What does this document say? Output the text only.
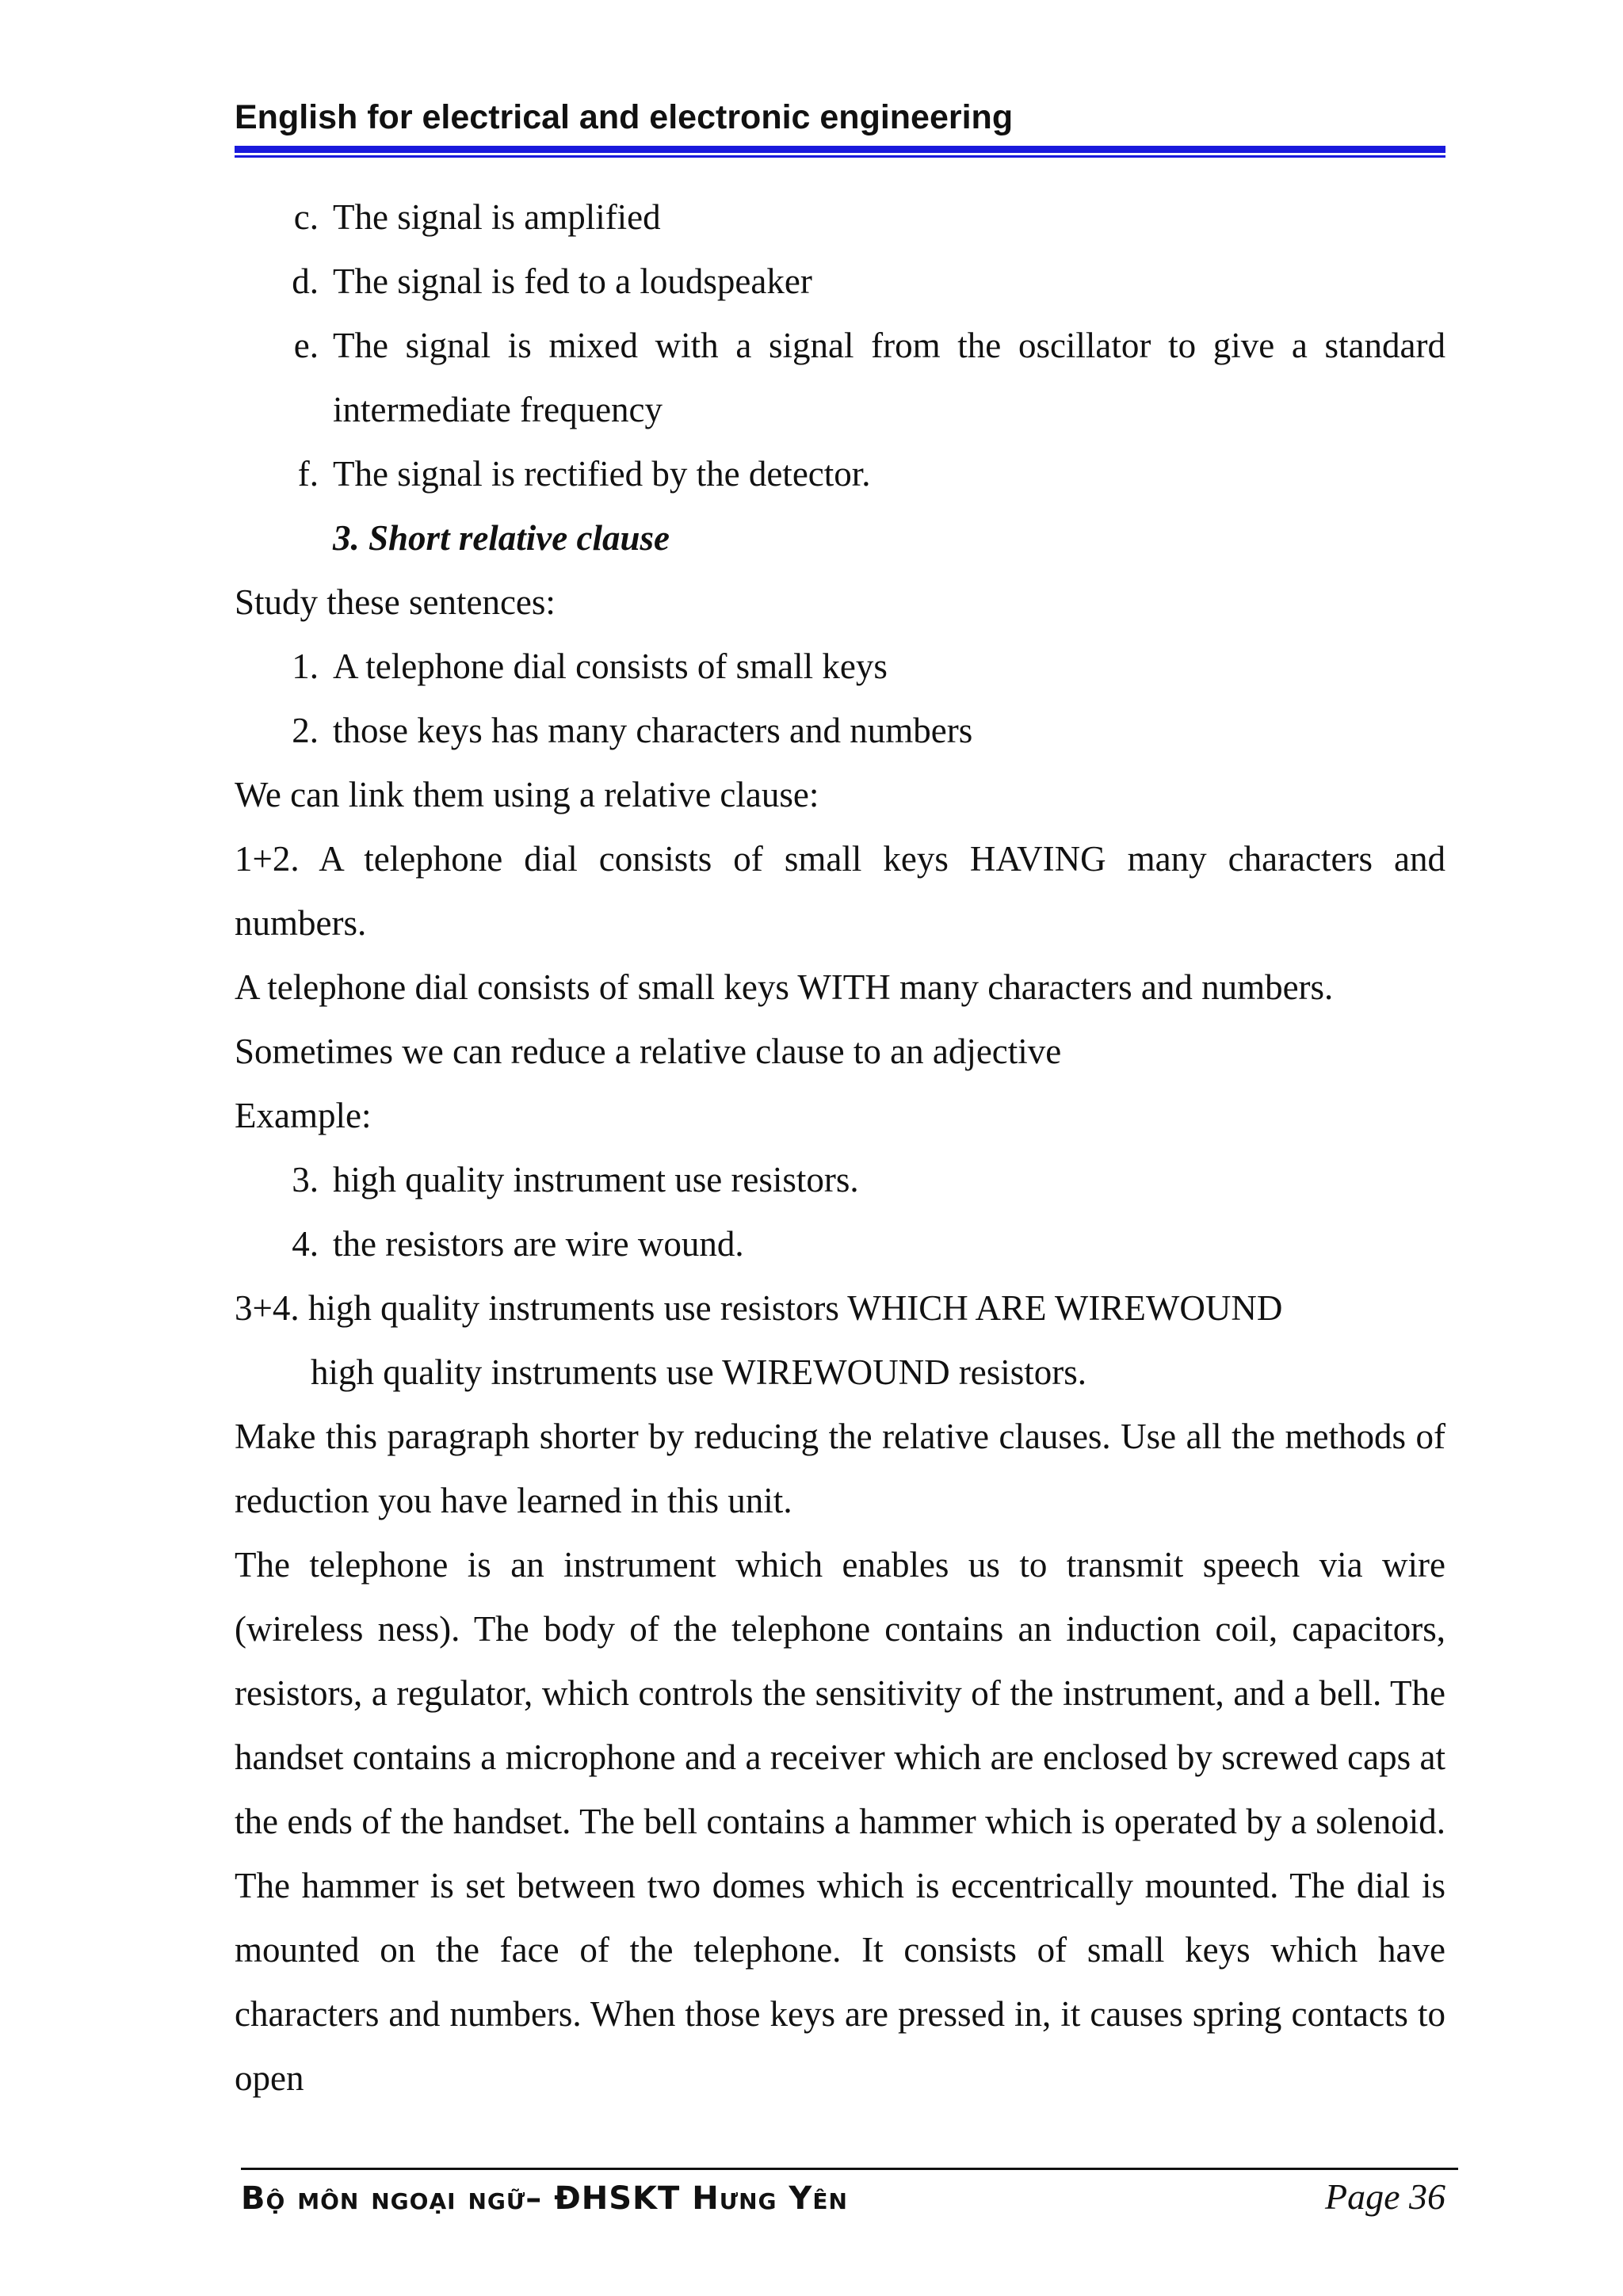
English for electrical and electronic engineering
c. The signal is amplified
d. The signal is fed to a loudspeaker
e. The signal is mixed with a signal from the oscillator to give a standard intermediate frequency
f. The signal is rectified by the detector.
3. Short relative clause
Study these sentences:
1. A telephone dial consists of small keys
2. those keys has many characters and numbers
We can link them using a relative clause:

1+2. A telephone dial consists of small keys HAVING many characters and numbers.

A telephone dial consists of small keys WITH many characters and numbers.
Sometimes we can reduce a relative clause to an adjective
Example:
3. high quality instrument use resistors.
4. the resistors are wire wound.
3+4. high quality instruments use resistors WHICH ARE WIREWOUND
high quality instruments use WIREWOUND resistors.

Make this paragraph shorter by reducing the relative clauses. Use all the methods of reduction you have learned in this unit.

The telephone is an instrument which enables us to transmit speech via wire (wireless ness). The body of the telephone contains an induction coil, capacitors, resistors, a regulator, which controls the sensitivity of the instrument, and a bell. The handset contains a microphone and a receiver which are enclosed by screwed caps at the ends of the handset. The bell contains a hammer which is operated by a solenoid. The hammer is set between two domes which is eccentrically mounted. The dial is mounted on the face of the telephone. It consists of small keys which have characters and numbers. When those keys are pressed in, it causes spring contacts to open

Bộ môn ngoại ngữ– ĐHSKT Hưng Yên	Page 36
